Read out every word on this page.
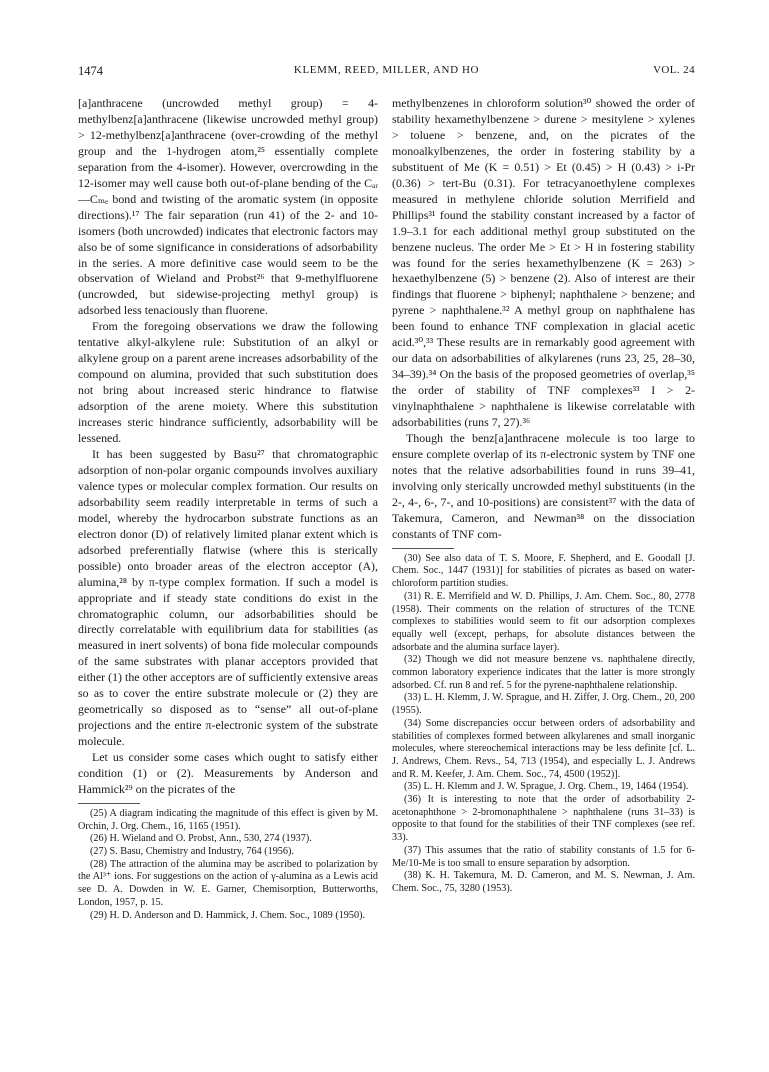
1474	KLEMM, REED, MILLER, AND HO	VOL. 24

[a]anthracene (uncrowded methyl group) = 4-methylbenz[a]anthracene (likewise uncrowded methyl group) > 12-methylbenz[a]anthracene (over-crowding of the methyl group and the 1-hydrogen atom,²⁵ essentially complete separation from the 4-isomer). However, overcrowding in the 12-isomer may well cause both out-of-plane bending of the Cₐᵣ—Cₘₑ bond and twisting of the aromatic system (in opposite directions).¹⁷ The fair separation (run 41) of the 2- and 10-isomers (both uncrowded) indicates that electronic factors may also be of some significance in considerations of adsorbability in the series. A more definitive case would seem to be the observation of Wieland and Probst²⁶ that 9-methylfluorene (uncrowded, but sidewise-projecting methyl group) is adsorbed less tenaciously than fluorene.

From the foregoing observations we draw the following tentative alkyl-alkylene rule: Substitution of an alkyl or alkylene group on a parent arene increases adsorbability of the compound on alumina, provided that such substitution does not bring about increased steric hindrance to flatwise adsorption of the arene moiety. Where this substitution increases steric hindrance sufficiently, adsorbability will be lessened.

It has been suggested by Basu²⁷ that chromatographic adsorption of non-polar organic compounds involves auxiliary valence types or molecular complex formation. Our results on adsorbability seem readily interpretable in terms of such a model, whereby the hydrocarbon substrate functions as an electron donor (D) of relatively limited planar extent which is adsorbed preferentially flatwise (where this is sterically possible) onto broader areas of the electron acceptor (A), alumina,²⁸ by π-type complex formation. If such a model is appropriate and if steady state conditions do exist in the chromatographic column, our adsorbabilities should be directly correlatable with equilibrium data for stabilities (as measured in inert solvents) of bona fide molecular compounds of the same substrates with planar acceptors provided that either (1) the other acceptors are of sufficiently extensive areas so as to cover the entire substrate molecule or (2) they are geometrically so disposed as to “sense” all out-of-plane projections and the entire π-electronic system of the substrate molecule.

Let us consider some cases which ought to satisfy either condition (1) or (2). Measurements by Anderson and Hammick²⁹ on the picrates of the

(25) A diagram indicating the magnitude of this effect is given by M. Orchin, J. Org. Chem., 16, 1165 (1951).

(26) H. Wieland and O. Probst, Ann., 530, 274 (1937).

(27) S. Basu, Chemistry and Industry, 764 (1956).

(28) The attraction of the alumina may be ascribed to polarization by the Al³⁺ ions. For suggestions on the action of γ-alumina as a Lewis acid see D. A. Dowden in W. E. Garner, Chemisorption, Butterworths, London, 1957, p. 15.

(29) H. D. Anderson and D. Hammick, J. Chem. Soc., 1089 (1950).

methylbenzenes in chloroform solution³⁰ showed the order of stability hexamethylbenzene > durene > mesitylene > xylenes > toluene > benzene, and, on the picrates of the monoalkylbenzenes, the order in fostering stability by a substituent of Me (K = 0.51) > Et (0.45) > H (0.43) > i-Pr (0.36) > tert-Bu (0.31). For tetracyanoethylene complexes measured in methylene chloride solution Merrifield and Phillips³¹ found the stability constant increased by a factor of 1.9–3.1 for each additional methyl group substituted on the benzene nucleus. The order Me > Et > H in fostering stability was found for the series hexamethylbenzene (K = 263) > hexaethylbenzene (5) > benzene (2). Also of interest are their findings that fluorene > biphenyl; naphthalene > benzene; and pyrene > naphthalene.³² A methyl group on naphthalene has been found to enhance TNF complexation in glacial acetic acid.³⁰,³³ These results are in remarkably good agreement with our data on adsorbabilities of alkylarenes (runs 23, 25, 28–30, 34–39).³⁴ On the basis of the proposed geometries of overlap,³⁵ the order of stability of TNF complexes³³ I > 2-vinylnaphthalene > naphthalene is likewise correlatable with adsorbabilities (runs 7, 27).³⁶

Though the benz[a]anthracene molecule is too large to ensure complete overlap of its π-electronic system by TNF one notes that the relative adsorbabilities found in runs 39–41, involving only sterically uncrowded methyl substituents (in the 2-, 4-, 6-, 7-, and 10-positions) are consistent³⁷ with the data of Takemura, Cameron, and Newman³⁸ on the dissociation constants of TNF com-

(30) See also data of T. S. Moore, F. Shepherd, and E. Goodall [J. Chem. Soc., 1447 (1931)] for stabilities of picrates as based on water-chloroform partition studies.

(31) R. E. Merrifield and W. D. Phillips, J. Am. Chem. Soc., 80, 2778 (1958). Their comments on the relation of structures of the TCNE complexes to stabilities would seem to fit our adsorption complexes equally well (except, perhaps, for absolute distances between the adsorbate and the alumina surface layer).

(32) Though we did not measure benzene vs. naphthalene directly, common laboratory experience indicates that the latter is more strongly adsorbed. Cf. run 8 and ref. 5 for the pyrene-naphthalene relationship.

(33) L. H. Klemm, J. W. Sprague, and H. Ziffer, J. Org. Chem., 20, 200 (1955).

(34) Some discrepancies occur between orders of adsorbability and stabilities of complexes formed between alkylarenes and small inorganic molecules, where stereochemical interactions may be less definite [cf. L. J. Andrews, Chem. Revs., 54, 713 (1954), and especially L. J. Andrews and R. M. Keefer, J. Am. Chem. Soc., 74, 4500 (1952)].

(35) L. H. Klemm and J. W. Sprague, J. Org. Chem., 19, 1464 (1954).

(36) It is interesting to note that the order of adsorbability 2-acetonaphthone > 2-bromonaphthalene > naphthalene (runs 31–33) is opposite to that found for the stabilities of their TNF complexes (see ref. 33).

(37) This assumes that the ratio of stability constants of 1.5 for 6-Me/10-Me is too small to ensure separation by adsorption.

(38) K. H. Takemura, M. D. Cameron, and M. S. Newman, J. Am. Chem. Soc., 75, 3280 (1953).
